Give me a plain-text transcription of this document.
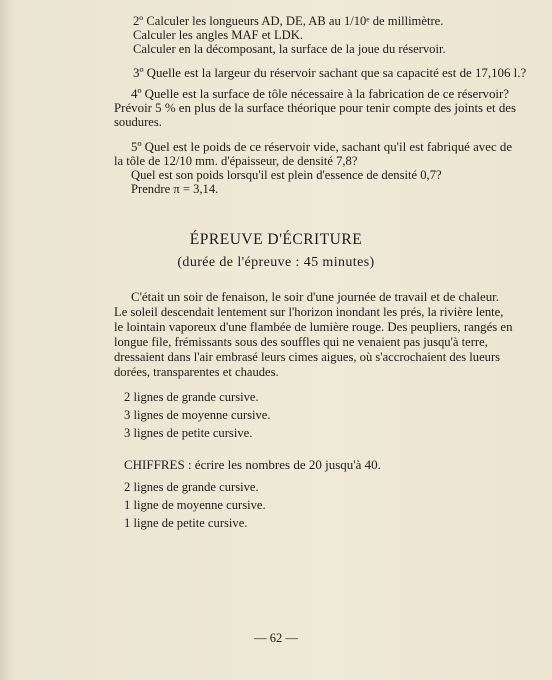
2º Calculer les longueurs AD, DE, AB au 1/10ᵉ de millimètre.
Calculer les angles MAF et LDK.
Calculer en la décomposant, la surface de la joue du réservoir.
3º Quelle est la largeur du réservoir sachant que sa capacité est de 17,106 l.?
4º Quelle est la surface de tôle nécessaire à la fabrication de ce réservoir?
Prévoir 5 % en plus de la surface théorique pour tenir compte des joints et des
soudures.
5º Quel est le poids de ce réservoir vide, sachant qu'il est fabriqué avec de
la tôle de 12/10 mm. d'épaisseur, de densité 7,8?
Quel est son poids lorsqu'il est plein d'essence de densité 0,7?
Prendre π = 3,14.
ÉPREUVE D'ÉCRITURE
(durée de l'épreuve : 45 minutes)
C'était un soir de fenaison, le soir d'une journée de travail et de chaleur.
Le soleil descendait lentement sur l'horizon inondant les prés, la rivière lente,
le lointain vaporeux d'une flambée de lumière rouge. Des peupliers, rangés en
longue file, frémissants sous des souffles qui ne venaient pas jusqu'à terre,
dressaient dans l'air embrasé leurs cimes aigues, où s'accrochaient des lueurs
dorées, transparentes et chaudes.
2 lignes de grande cursive.
3 lignes de moyenne cursive.
3 lignes de petite cursive.
CHIFFRES : écrire les nombres de 20 jusqu'à 40.
2 lignes de grande cursive.
1 ligne de moyenne cursive.
1 ligne de petite cursive.
— 62 —
